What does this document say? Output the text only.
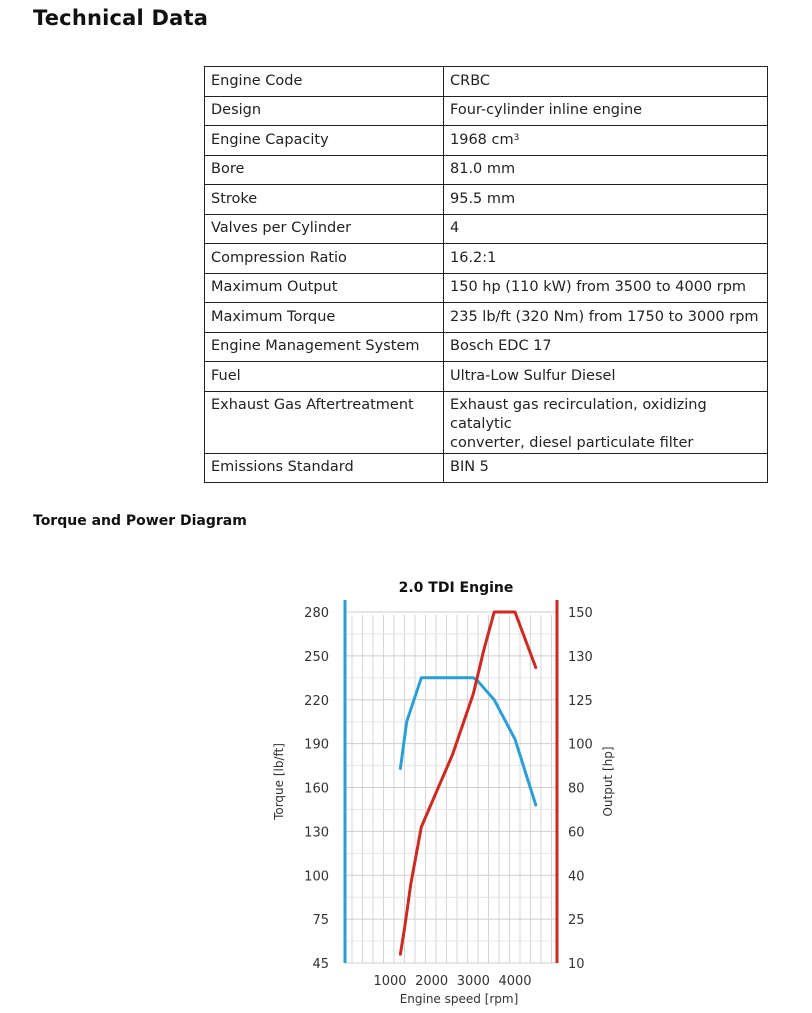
Technical Data
Engine Code	CRBC
Design	Four-cylinder inline engine
Engine Capacity	1968 $cm^3$
Bore	81.0 mm
Stroke	95.5 mm
Valves per Cylinder	4
Compression Ratio	16.2:1
Maximum Output	150 hp (110 kW) from 3500 to 4000 rpm
Maximum Torque	235 lb/ft (320 Nm) from 1750 to 3000 rpm
Engine Management System	Bosch EDC 17
Fuel	Ultra-Low Sulfur Diesel
Exhaust Gas Aftertreatment	Exhaust gas recirculation, oxidizing catalytic
converter, diesel particulate filter

Emissions Standard	BIN 5
Torque and Power Diagram
2.0 TDI Engine
45
75
100
130
160
190
220
250
280
10
25
40
60
80
100
125
130
150
1000 2000 3000 4000
Torque [lb/ft]	Output [hp]
Engine speed [rpm]
